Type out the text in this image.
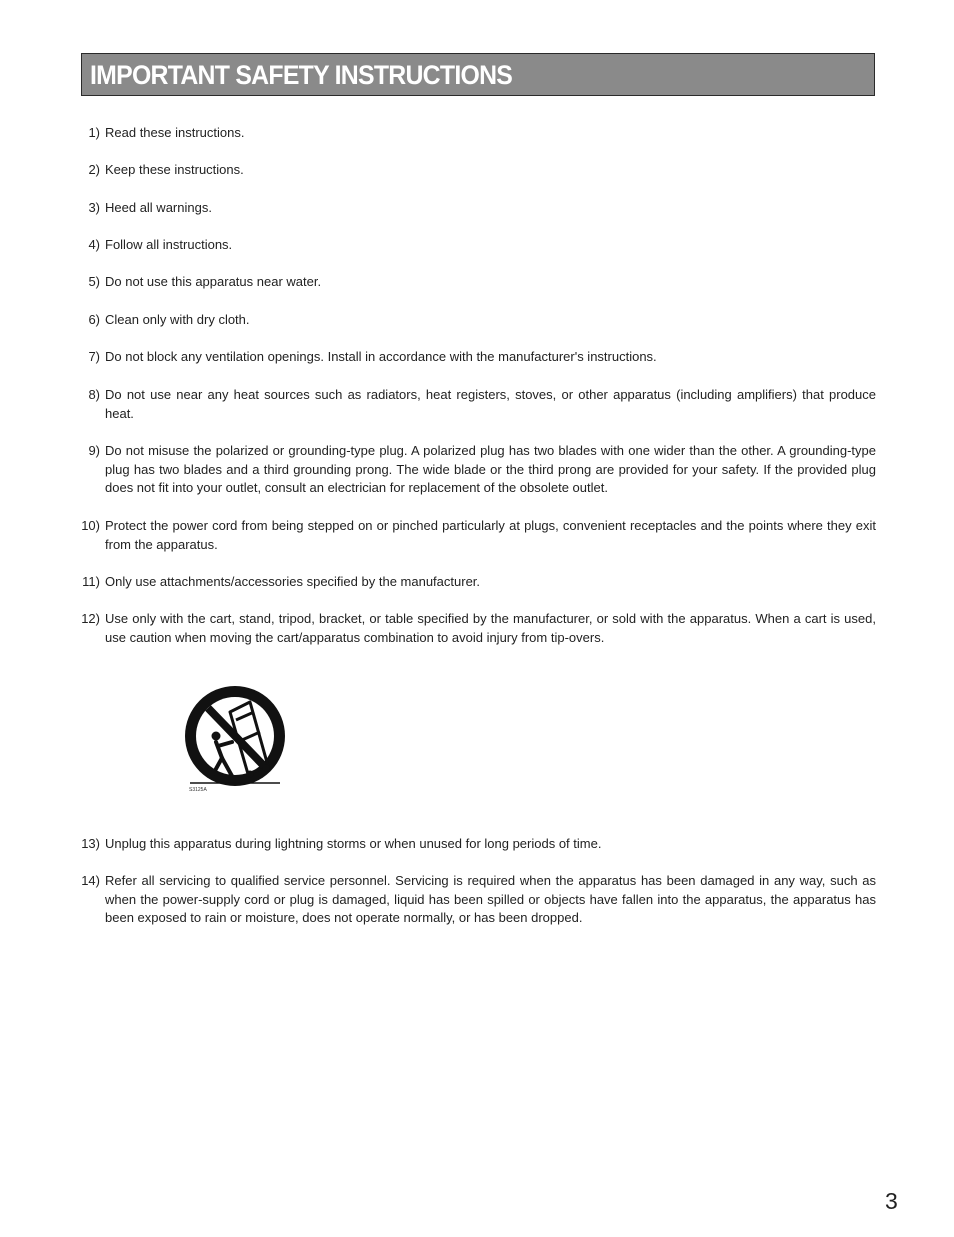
IMPORTANT SAFETY INSTRUCTIONS
1) Read these instructions.
2) Keep these instructions.
3) Heed all warnings.
4) Follow all instructions.
5) Do not use this apparatus near water.
6) Clean only with dry cloth.
7) Do not block any ventilation openings. Install in accordance with the manufacturer's instructions.
8) Do not use near any heat sources such as radiators, heat registers, stoves, or other apparatus (including amplifiers) that produce heat.
9) Do not misuse the polarized or grounding-type plug. A polarized plug has two blades with one wider than the other. A grounding-type plug has two blades and a third grounding prong. The wide blade or the third prong are provided for your safety. If the provided plug does not fit into your outlet, consult an electrician for replacement of the obsolete outlet.
10) Protect the power cord from being stepped on or pinched particularly at plugs, convenient receptacles and the points where they exit from the apparatus.
11) Only use attachments/accessories specified by the manufacturer.
12) Use only with the cart, stand, tripod, bracket, or table specified by the manufacturer, or sold with the apparatus. When a cart is used, use caution when moving the cart/apparatus combination to avoid injury from tip-overs.
S3125A
13) Unplug this apparatus during lightning storms or when unused for long periods of time.
14) Refer all servicing to qualified service personnel. Servicing is required when the apparatus has been damaged in any way, such as when the power-supply cord or plug is damaged, liquid has been spilled or objects have fallen into the apparatus, the apparatus has been exposed to rain or moisture, does not operate normally, or has been dropped.
3
